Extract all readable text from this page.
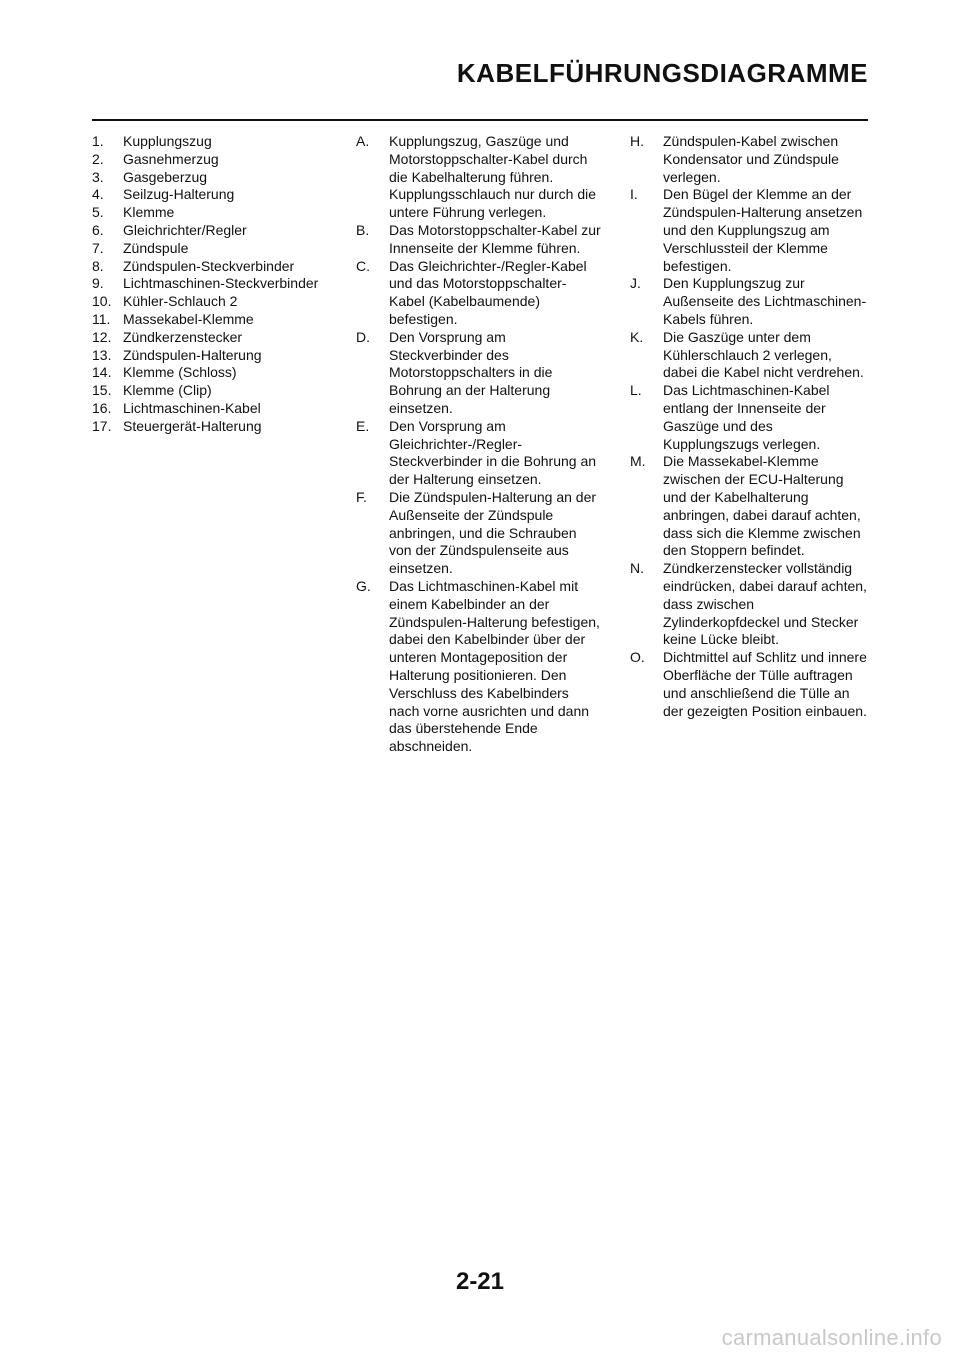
KABELFÜHRUNGSDIAGRAMME
1.	Kupplungszug
2.	Gasnehmerzug
3.	Gasgeberzug
4.	Seilzug-Halterung
5.	Klemme
6.	Gleichrichter/Regler
7.	Zündspule
8.	Zündspulen-Steckverbinder
9.	Lichtmaschinen-Steckverbinder
10. Kühler-Schlauch 2
11. Massekabel-Klemme
12. Zündkerzenstecker
13. Zündspulen-Halterung
14. Klemme (Schloss)
15. Klemme (Clip)
16. Lichtmaschinen-Kabel
17. Steuergerät-Halterung
A.	Kupplungszug, Gaszüge und Motorstoppschalter-Kabel durch die Kabelhalterung führen. Kupplungsschlauch nur durch die untere Führung verlegen.
B.	Das Motorstoppschalter-Kabel zur Innenseite der Klemme führen.
C.	Das Gleichrichter-/Regler-Kabel und das Motorstoppschalter-Kabel (Kabelbaumende) befestigen.
D.	Den Vorsprung am Steckverbinder des Motorstoppschalters in die Bohrung an der Halterung einsetzen.
E.	Den Vorsprung am Gleichrichter-/Regler-Steckverbinder in die Bohrung an der Halterung einsetzen.
F.	Die Zündspulen-Halterung an der Außenseite der Zündspule anbringen, und die Schrauben von der Zündspulenseite aus einsetzen.
G.	Das Lichtmaschinen-Kabel mit einem Kabelbinder an der Zündspulen-Halterung befestigen, dabei den Kabelbinder über der unteren Montageposition der Halterung positionieren. Den Verschluss des Kabelbinders nach vorne ausrichten und dann das überstehende Ende abschneiden.
H.	Zündspulen-Kabel zwischen Kondensator und Zündspule verlegen.
I.	Den Bügel der Klemme an der Zündspulen-Halterung ansetzen und den Kupplungszug am Verschlussteil der Klemme befestigen.
J.	Den Kupplungszug zur Außenseite des Lichtmaschinen-Kabels führen.
K.	Die Gaszüge unter dem Kühlerschlauch 2 verlegen, dabei die Kabel nicht verdrehen.
L.	Das Lichtmaschinen-Kabel entlang der Innenseite der Gaszüge und des Kupplungszugs verlegen.
M.	Die Massekabel-Klemme zwischen der ECU-Halterung und der Kabelhalterung anbringen, dabei darauf achten, dass sich die Klemme zwischen den Stoppern befindet.
N.	Zündkerzenstecker vollständig eindrücken, dabei darauf achten, dass zwischen Zylinderkopfdeckel und Stecker keine Lücke bleibt.
O.	Dichtmittel auf Schlitz und innere Oberfläche der Tülle auftragen und anschließend die Tülle an der gezeigten Position einbauen.
2-21
carmanualsonline.info
